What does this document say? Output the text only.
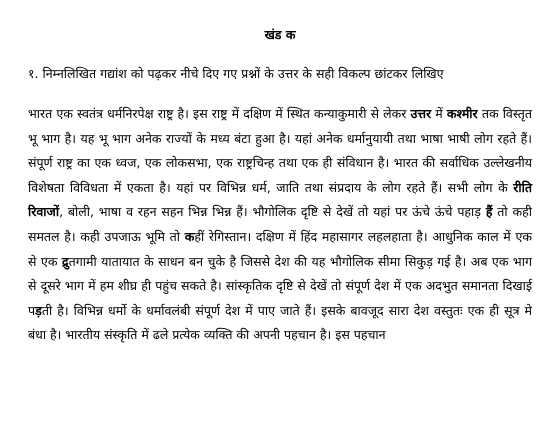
खंड क

१. निम्नलिखित गद्यांश को पढ़कर नीचे दिए गए प्रश्नों के उत्तर के सही विकल्प छांटकर लिखिए

भारत एक स्वतंत्र धर्मनिरपेक्ष राष्ट्र है। इस राष्ट्र में दक्षिण में स्थित कन्याकुमारी से लेकर उत्तर में कश्मीर तक विस्तृत भू भाग है। यह भू भाग अनेक राज्यों के मध्य बंटा हुआ है। यहां अनेक धर्मानुयायी तथा भाषा भाषी लोग रहते हैं। संपूर्ण राष्ट्र का एक ध्वज, एक लोकसभा, एक राष्ट्रचिन्ह तथा एक ही संविधान है। भारत की सर्वाधिक उल्लेखनीय विशेषता विविधता में एकता है। यहां पर विभिन्न धर्म, जाति तथा संप्रदाय के लोग रहते हैं। सभी लोग के रीति रिवाजों, बोली, भाषा व रहन सहन भिन्न भिन्न हैं। भौगोलिक दृष्टि से देखें तो यहां पर ऊंचे ऊंचे पहाड़ हैं तो कही समतल है। कही उपजाऊ भूमि तो कहीं रेगिस्तान। दक्षिण में हिंद महासागर लहलहाता है। आधुनिक काल में एक से एक द्रुतगामी यातायात के साधन बन चुके है जिससे देश की यह भौगोलिक सीमा सिकुड़ गई है। अब एक भाग से दूसरे भाग में हम शीघ्र ही पहुंच सकते है। सांस्कृतिक दृष्टि से देखें तो संपूर्ण देश में एक अदभुत समानता दिखाई पड़ती है। विभिन्न धर्मो के धर्मावलंबी संपूर्ण देश में पाए जाते हैं। इसके बावजूद सारा देश वस्तुतः एक ही सूत्र मे बंधा है। भारतीय संस्कृति में ढले प्रत्येक व्यक्ति की अपनी पहचान है। इस पहचान
